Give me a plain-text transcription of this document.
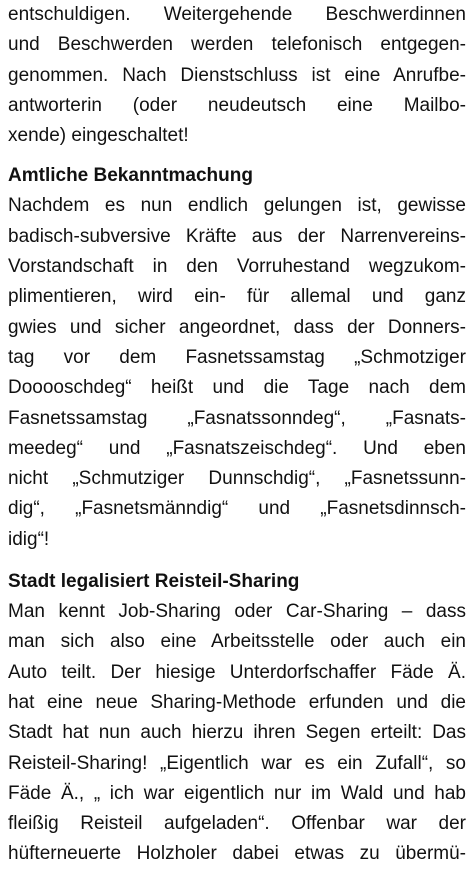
entschuldigen. Weitergehende Beschwerdinnen
und Beschwerden werden telefonisch entgegen-
genommen. Nach Dienstschluss ist eine Anrufbe-
antworterin (oder neudeutsch eine Mailbo-
xende) eingeschaltet!
Amtliche Bekanntmachung
Nachdem es nun endlich gelungen ist, gewisse
badisch-subversive Kräfte aus der Narrenvereins-
Vorstandschaft in den Vorruhestand wegzukom-
plimentieren, wird ein- für allemal und ganz
gwies und sicher angeordnet, dass der Donners-
tag vor dem Fasnetssamstag „Schmotziger
Dooooschdeg“ heißt und die Tage nach dem
Fasnetssamstag „Fasnatssonndeg“, „Fasnats-
meedeg“ und „Fasnatszeischdeg“. Und eben
nicht „Schmutziger Dunnschdig“, „Fasnetssunn-
dig“, „Fasnetsmänndig“ und „Fasnetsdinnsch-
idig“!
Stadt legalisiert Reisteil-Sharing
Man kennt Job-Sharing oder Car-Sharing – dass
man sich also eine Arbeitsstelle oder auch ein
Auto teilt. Der hiesige Unterdorfschaffer Fäde Ä.
hat eine neue Sharing-Methode erfunden und die
Stadt hat nun auch hierzu ihren Segen erteilt: Das
Reisteil-Sharing! „Eigentlich war es ein Zufall“, so
Fäde Ä., „ ich war eigentlich nur im Wald und hab
fleißig Reisteil aufgeladen“. Offenbar war der
hüfterneuerte Holzholer dabei etwas zu übermü-
